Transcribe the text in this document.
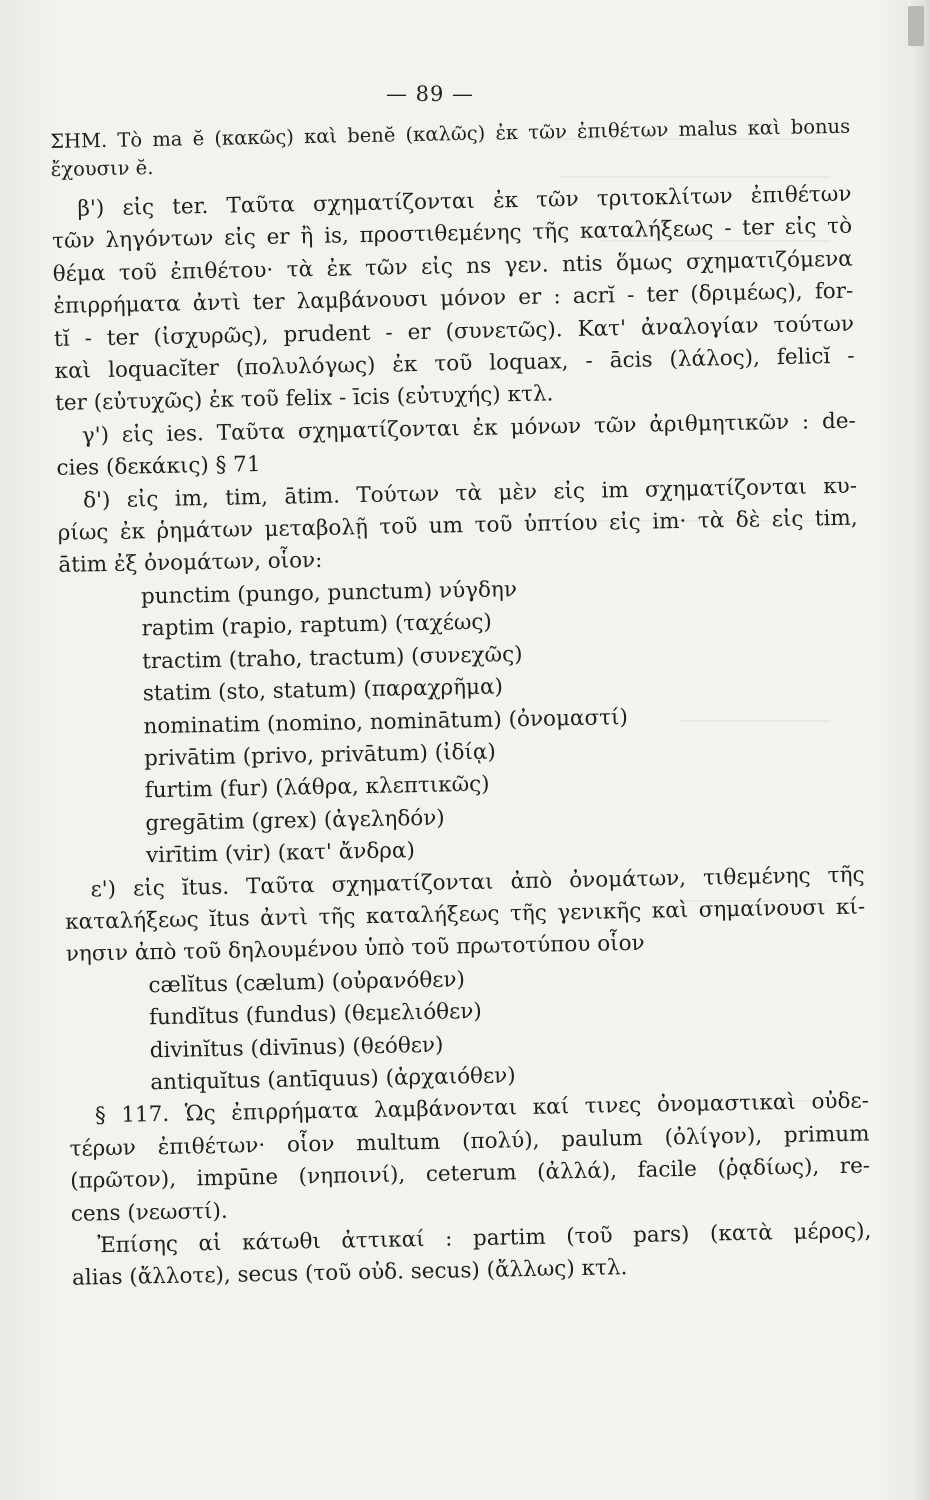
— 89 —
ΣΗΜ. Τὸ ma ĕ (κακῶς) καὶ benĕ (καλῶς) ἐκ τῶν ἐπιθέτων malus καὶ bonus
ἔχουσιν ĕ.
β') εἰς ter. Ταῦτα σχηματίζονται ἐκ τῶν τριτοκλίτων ἐπιθέτων
τῶν ληγόντων εἰς er ἢ is, προστιθεμένης τῆς καταλήξεως - ter εἰς τὸ
θέμα τοῦ ἐπιθέτου· τὰ ἐκ τῶν εἰς ns γεν. ntis ὅμως σχηματιζόμενα
ἐπιρρήματα ἀντὶ ter λαμβάνουσι μόνον er : acrĭ - ter (δριμέως), for-
tĭ - ter (ἰσχυρῶς), prudent - er (συνετῶς). Κατ' ἀναλογίαν τούτων
καὶ loquacĭter (πολυλόγως) ἐκ τοῦ loquax, - ācis (λάλος), felicĭ -
ter (εὐτυχῶς) ἐκ τοῦ felix - īcis (εὐτυχής) κτλ.
γ') εἰς ies. Ταῦτα σχηματίζονται ἐκ μόνων τῶν ἀριθμητικῶν : de-
cies (δεκάκις) § 71
δ') εἰς im, tim, ātim. Τούτων τὰ μὲν εἰς im σχηματίζονται κυ-
ρίως ἐκ ῥημάτων μεταβολῇ τοῦ um τοῦ ὑπτίου εἰς im· τὰ δὲ εἰς tim,
ātim ἐξ ὀνομάτων, οἷον:
punctim (pungo, punctum) νύγδην
raptim (rapio, raptum) (ταχέως)
tractim (traho, tractum) (συνεχῶς)
statim (sto, statum) (παραχρῆμα)
nominatim (nomino, nominātum) (ὀνομαστί)
privātim (privo, privātum) (ἰδίᾳ)
furtim (fur) (λάθρα, κλεπτικῶς)
gregātim (grex) (ἀγεληδόν)
virītim (vir) (κατ' ἄνδρα)
ε') εἰς ĭtus. Ταῦτα σχηματίζονται ἀπὸ ὀνομάτων, τιθεμένης τῆς
καταλήξεως ĭtus ἀντὶ τῆς καταλήξεως τῆς γενικῆς καὶ σημαίνουσι κί-
νησιν ἀπὸ τοῦ δηλουμένου ὑπὸ τοῦ πρωτοτύπου οἷον
cælĭtus (cælum) (οὐρανόθεν)
fundĭtus (fundus) (θεμελιόθεν)
divinĭtus (divīnus) (θεόθεν)
antiquĭtus (antīquus) (ἀρχαιόθεν)
§ 117. Ὡς ἐπιρρήματα λαμβάνονται καί τινες ὀνομαστικαὶ οὐδε-
τέρων ἐπιθέτων· οἷον multum (πολύ), paulum (ὀλίγον), primum
(πρῶτον), impūne (νηποινί), ceterum (ἀλλά), facile (ῥᾳδίως), re-
cens (νεωστί).
Ἐπίσης αἱ κάτωθι ἀττικαί : partim (τοῦ pars) (κατὰ μέρος),
alias (ἄλλοτε), secus (τοῦ οὐδ. secus) (ἄλλως) κτλ.
